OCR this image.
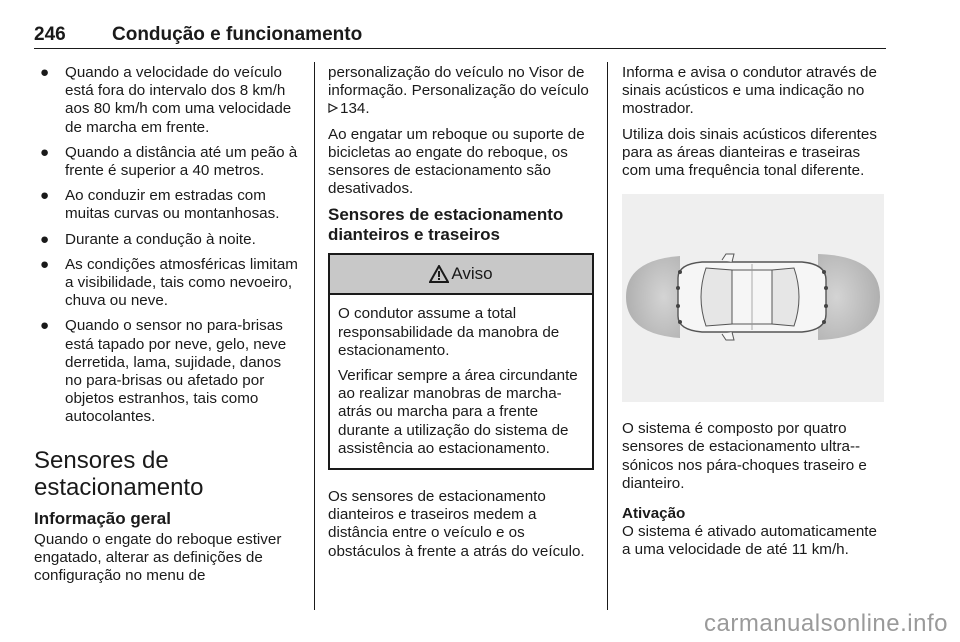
246 Condução e funcionamento
● Quando a velocidade do veículo está fora do intervalo dos 8 km/h aos 80 km/h com uma velocidade de marcha em frente.
● Quando a distância até um peão à frente é superior a 40 metros.
● Ao conduzir em estradas com muitas curvas ou montanhosas.
● Durante a condução à noite.
● As condições atmosféricas limitam a visibilidade, tais como nevoeiro, chuva ou neve.
● Quando o sensor no para-brisas está tapado por neve, gelo, neve derretida, lama, sujidade, danos no para-brisas ou afetado por objetos estranhos, tais como autocolantes.
Sensores de estacionamento
Informação geral

Quando o engate do reboque estiver engatado, alterar as definições de configuração no menu de

personalização do veículo no Visor de informação. Personalização do veículo 134.

Ao engatar um reboque ou suporte de bicicletas ao engate do reboque, os sensores de estacionamento são desativados.

Sensores de estacionamento dianteiros e traseiros
Aviso

O condutor assume a total responsabilidade da manobra de estacionamento.

Verificar sempre a área circundante ao realizar manobras de marcha-atrás ou marcha para a frente durante a utilização do sistema de assistência ao estacionamento.

Os sensores de estacionamento dianteiros e traseiros medem a distância entre o veículo e os obstáculos à frente a atrás do veículo.

Informa e avisa o condutor através de sinais acústicos e uma indicação no mostrador.

Utiliza dois sinais acústicos diferentes para as áreas dianteiras e traseiras com uma frequência tonal diferente.

O sistema é composto por quatro sensores de estacionamento ultra--sónicos nos pára-choques traseiro e dianteiro.

Ativação

O sistema é ativado automaticamente a uma velocidade de até 11 km/h.

carmanualsonline.info
